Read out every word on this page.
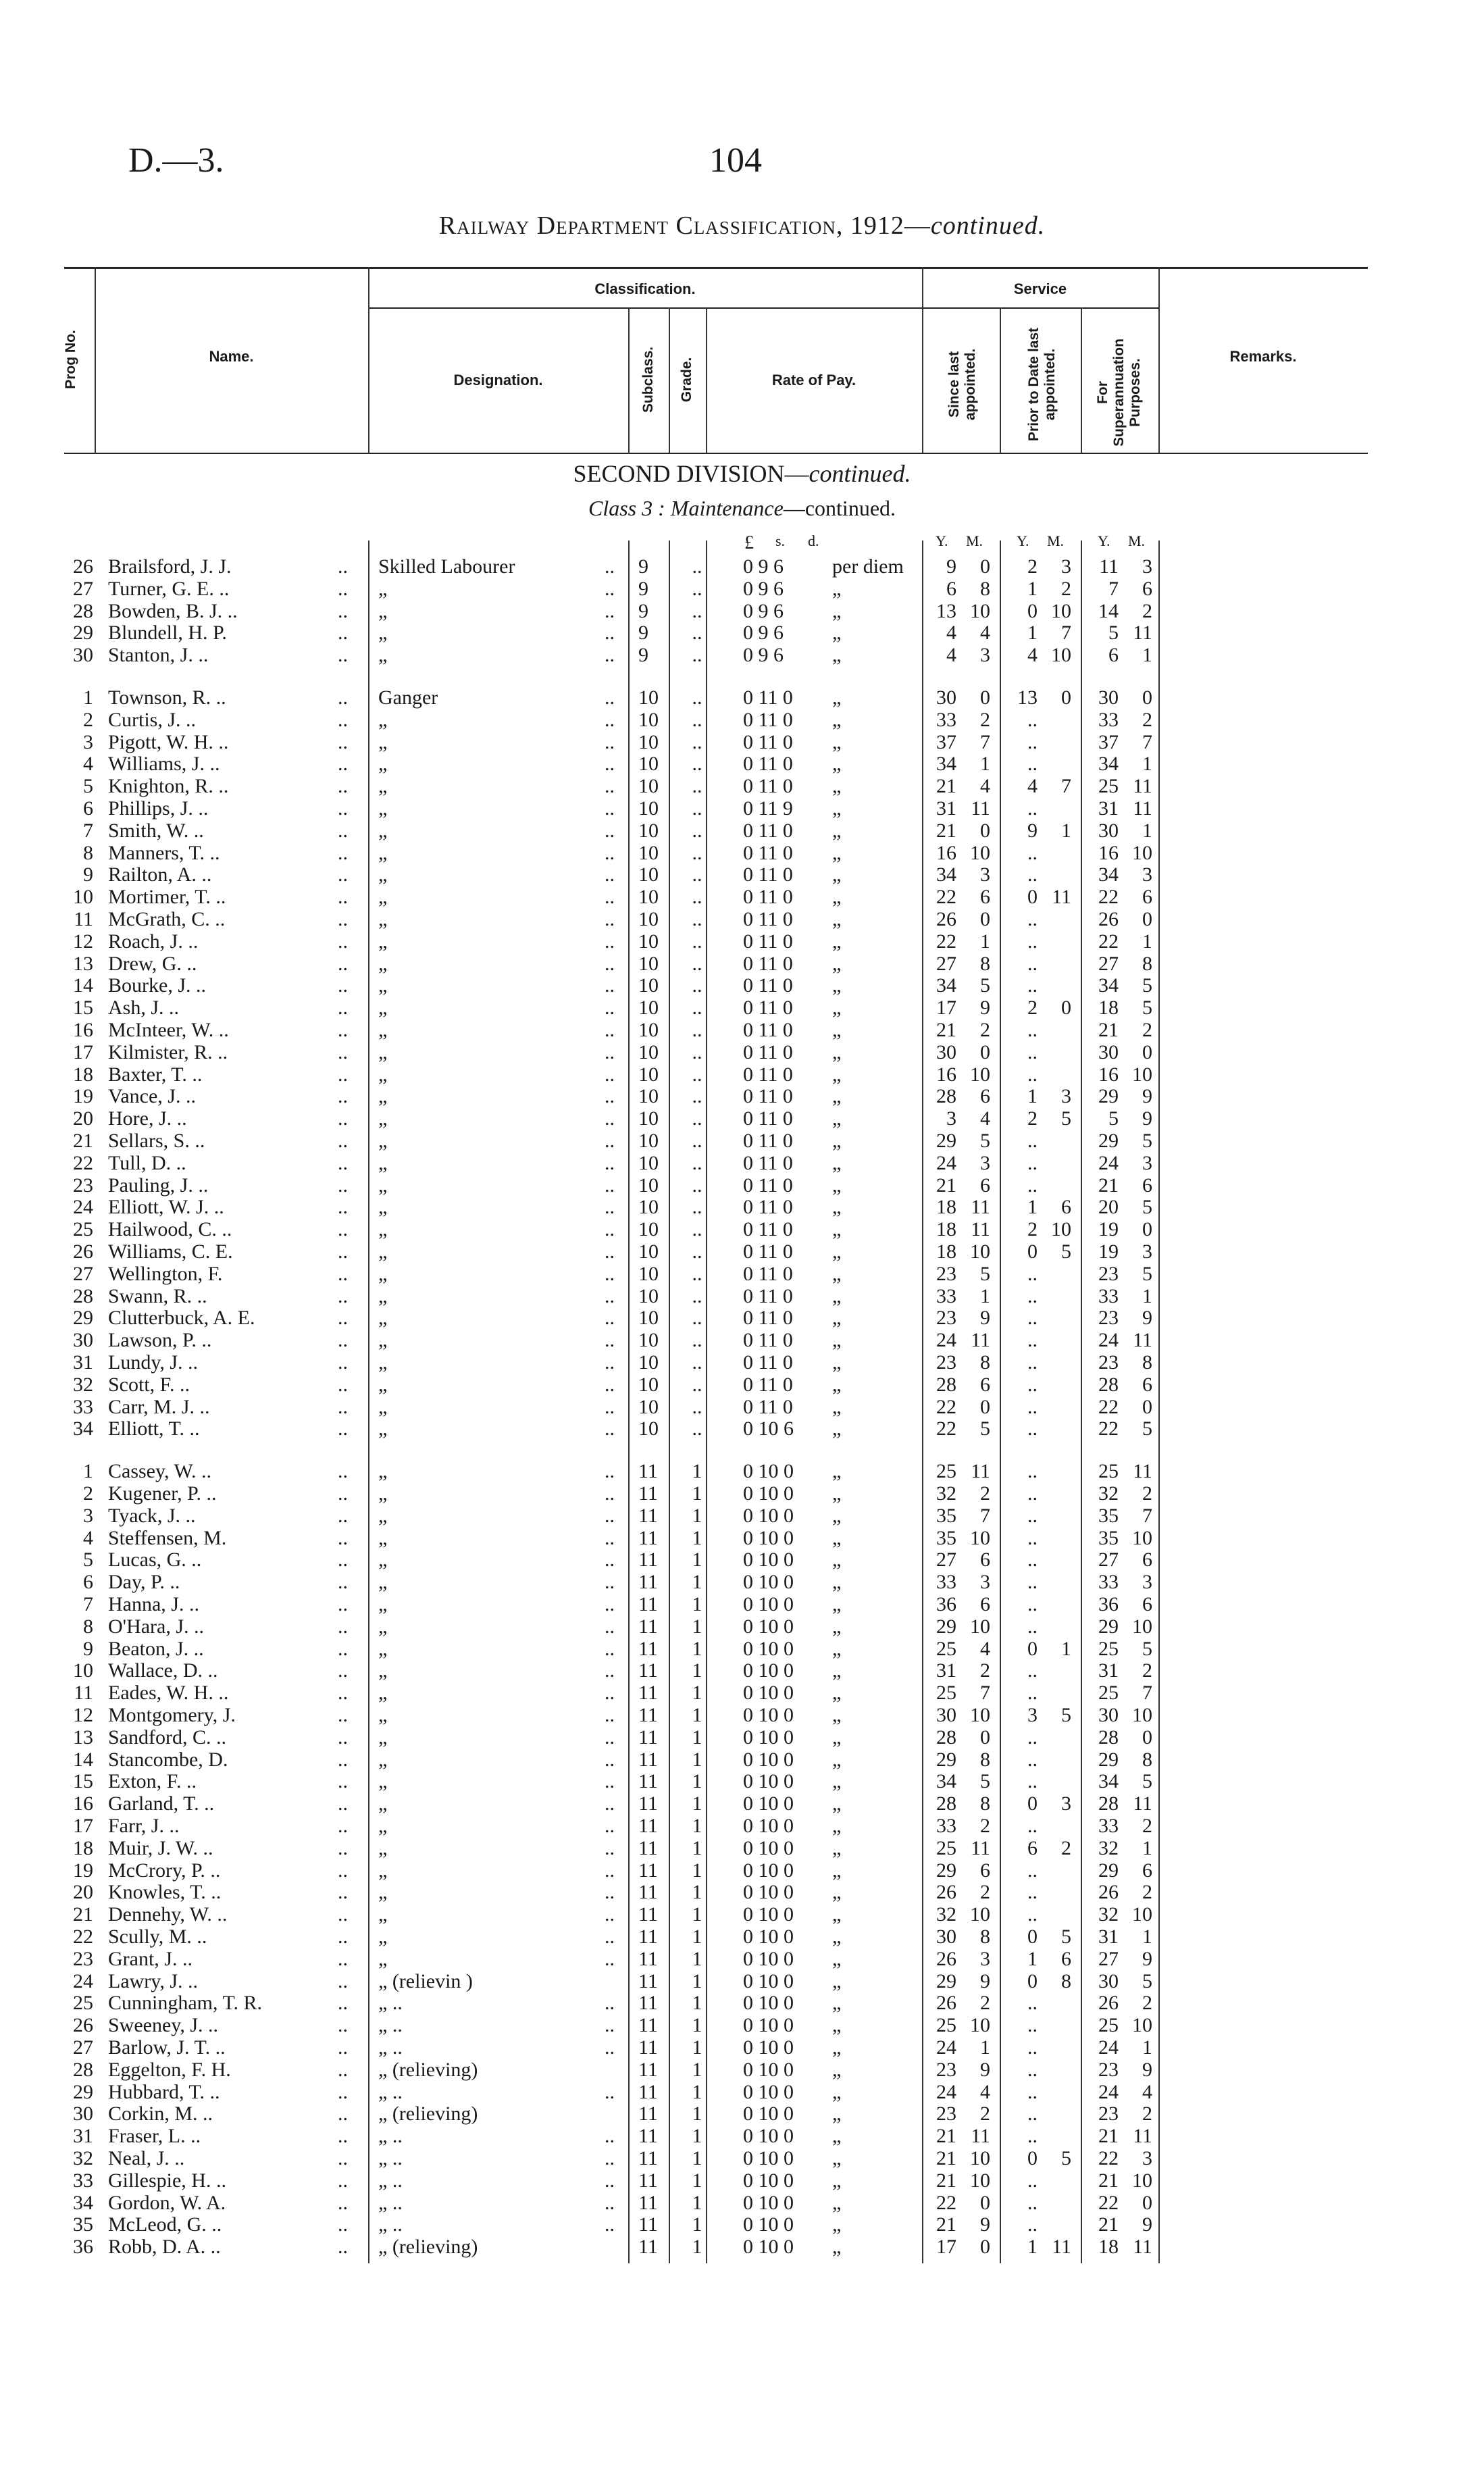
D.—3.	104
Railway Department Classification, 1912—continued.
Prog No.	Name.
Classification.
Designation.	Subclass. Grade.	Rate of Pay.
Service
Since last appointed.	Prior to Date last appointed.	For Superannuation Purposes.
Remarks.
SECOND DIVISION—continued.
Class 3 : Maintenance—continued.
£ s. d.	Y. M. Y. M. Y. M.
26 Brailsford, J. J.	.. Skilled Labourer	.. 9	..	0 9 6 per diem	9	0	2	3	11	3
27 Turner, G. E. ..	.. „	.. 9	..	0 9 6 „	6	8	1	2	7	6
28 Bowden, B. J. ..	.. „	.. 9	..	0 9 6 „	13 10	0 10	14	2
29 Blundell, H. P.	.. „	.. 9	..	0 9 6 „	4	4	1	7	5 11
30 Stanton, J. ..	.. „	.. 9	..	0 9 6 „	4	3	4 10	6	1
1 Townson, R. ..	.. Ganger	.. 10	..	0 11 0 „	30	0	13	0	30	0
2 Curtis, J. ..	.. „	.. 10	..	0 11 0 „	33	2	..	33	2
3 Pigott, W. H. ..	.. „	.. 10	..	0 11 0 „	37	7	..	37	7
4 Williams, J. ..	.. „	.. 10	..	0 11 0 „	34	1	..	34	1
5 Knighton, R. ..	.. „	.. 10	..	0 11 0 „	21	4	4	7	25 11
6 Phillips, J. ..	.. „	.. 10	..	0 11 9 „	31 11	..	31 11
7 Smith, W. ..	.. „	.. 10	..	0 11 0 „	21	0	9	1	30	1
8 Manners, T. ..	.. „	.. 10	..	0 11 0 „	16 10	..	16 10
9 Railton, A. ..	.. „	.. 10	..	0 11 0 „	34	3	..	34	3
10 Mortimer, T. ..	.. „	.. 10	..	0 11 0 „	22	6	0 11	22	6
11 McGrath, C. ..	.. „	.. 10	..	0 11 0 „	26	0	..	26	0
12 Roach, J. ..	.. „	.. 10	..	0 11 0 „	22	1	..	22	1
13 Drew, G. ..	.. „	.. 10	..	0 11 0 „	27	8	..	27	8
14 Bourke, J. ..	.. „	.. 10	..	0 11 0 „	34	5	..	34	5
15 Ash, J. ..	.. „	.. 10	..	0 11 0 „	17	9	2	0	18	5
16 McInteer, W. ..	.. „	.. 10	..	0 11 0 „	21	2	..	21	2
17 Kilmister, R. ..	.. „	.. 10	..	0 11 0 „	30	0	..	30	0
18 Baxter, T. ..	.. „	.. 10	..	0 11 0 „	16 10	..	16 10
19 Vance, J. ..	.. „	.. 10	..	0 11 0 „	28	6	1	3	29	9
20 Hore, J. ..	.. „	.. 10	..	0 11 0 „	3	4	2	5	5	9
21 Sellars, S. ..	.. „	.. 10	..	0 11 0 „	29	5	..	29	5
22 Tull, D. ..	.. „	.. 10	..	0 11 0 „	24	3	..	24	3
23 Pauling, J. ..	.. „	.. 10	..	0 11 0 „	21	6	..	21	6
24 Elliott, W. J. ..	.. „	.. 10	..	0 11 0 „	18 11	1	6	20	5
25 Hailwood, C. ..	.. „	.. 10	..	0 11 0 „	18 11	2 10	19	0
26 Williams, C. E.	.. „	.. 10	..	0 11 0 „	18 10	0	5	19	3
27 Wellington, F.	.. „	.. 10	..	0 11 0 „	23	5	..	23	5
28 Swann, R. ..	.. „	.. 10	..	0 11 0 „	33	1	..	33	1
29 Clutterbuck, A. E.	.. „	.. 10	..	0 11 0 „	23	9	..	23	9
30 Lawson, P. ..	.. „	.. 10	..	0 11 0 „	24 11	..	24 11
31 Lundy, J. ..	.. „	.. 10	..	0 11 0 „	23	8	..	23	8
32 Scott, F. ..	.. „	.. 10	..	0 11 0 „	28	6	..	28	6
33 Carr, M. J. ..	.. „	.. 10	..	0 11 0 „	22	0	..	22	0
34 Elliott, T. ..	.. „	.. 10	..	0 10 6 „	22	5	..	22	5
1 Cassey, W. ..	.. „	.. 11	1	0 10 0 „	25 11	..	25 11
2 Kugener, P. ..	.. „	.. 11	1	0 10 0 „	32	2	..	32	2
3 Tyack, J. ..	.. „	.. 11	1	0 10 0 „	35	7	..	35	7
4 Steffensen, M.	.. „	.. 11	1	0 10 0 „	35 10	..	35 10
5 Lucas, G. ..	.. „	.. 11	1	0 10 0 „	27	6	..	27	6
6 Day, P. ..	.. „	.. 11	1	0 10 0 „	33	3	..	33	3
7 Hanna, J. ..	.. „	.. 11	1	0 10 0 „	36	6	..	36	6
8 O'Hara, J. ..	.. „	.. 11	1	0 10 0 „	29 10	..	29 10
9 Beaton, J. ..	.. „	.. 11	1	0 10 0 „	25	4	0	1	25	5
10 Wallace, D. ..	.. „	.. 11	1	0 10 0 „	31	2	..	31	2
11 Eades, W. H. ..	.. „	.. 11	1	0 10 0 „	25	7	..	25	7
12 Montgomery, J.	.. „	.. 11	1	0 10 0 „	30 10	3	5	30 10
13 Sandford, C. ..	.. „	.. 11	1	0 10 0 „	28	0	..	28	0
14 Stancombe, D.	.. „	.. 11	1	0 10 0 „	29	8	..	29	8
15 Exton, F. ..	.. „	.. 11	1	0 10 0 „	34	5	..	34	5
16 Garland, T. ..	.. „	.. 11	1	0 10 0 „	28	8	0	3	28 11
17 Farr, J. ..	.. „	.. 11	1	0 10 0 „	33	2	..	33	2
18 Muir, J. W. ..	.. „	.. 11	1	0 10 0 „	25 11	6	2	32	1
19 McCrory, P. ..	.. „	.. 11	1	0 10 0 „	29	6	..	29	6
20 Knowles, T. ..	.. „	.. 11	1	0 10 0 „	26	2	..	26	2
21 Dennehy, W. ..	.. „	.. 11	1	0 10 0 „	32 10	..	32 10
22 Scully, M. ..	.. „	.. 11	1	0 10 0 „	30	8	0	5	31	1
23 Grant, J. ..	.. „	.. 11	1	0 10 0 „	26	3	1	6	27	9
24 Lawry, J. ..	.. „ (relievin )	11	1	0 10 0 „	29	9	0	8	30	5
25 Cunningham, T. R.	.. „ ..	.. 11	1	0 10 0 „	26	2	..	26	2
26 Sweeney, J. ..	.. „ ..	.. 11	1	0 10 0 „	25 10	..	25 10
27 Barlow, J. T. ..	.. „ ..	.. 11	1	0 10 0 „	24	1	..	24	1
28 Eggelton, F. H.	.. „ (relieving)	11	1	0 10 0 „	23	9	..	23	9
29 Hubbard, T. ..	.. „ ..	.. 11	1	0 10 0 „	24	4	..	24	4
30 Corkin, M. ..	.. „ (relieving)	11	1	0 10 0 „	23	2	..	23	2
31 Fraser, L. ..	.. „ ..	.. 11	1	0 10 0 „	21 11	..	21 11
32 Neal, J. ..	.. „ ..	.. 11	1	0 10 0 „	21 10	0	5	22	3
33 Gillespie, H. ..	.. „ ..	.. 11	1	0 10 0 „	21 10	..	21 10
34 Gordon, W. A.	.. „ ..	.. 11	1	0 10 0 „	22	0	..	22	0
35 McLeod, G. ..	.. „ ..	.. 11	1	0 10 0 „	21	9	..	21	9
36 Robb, D. A. ..	.. „ (relieving)	11	1	0 10 0 „	17	0	1 11	18 11
